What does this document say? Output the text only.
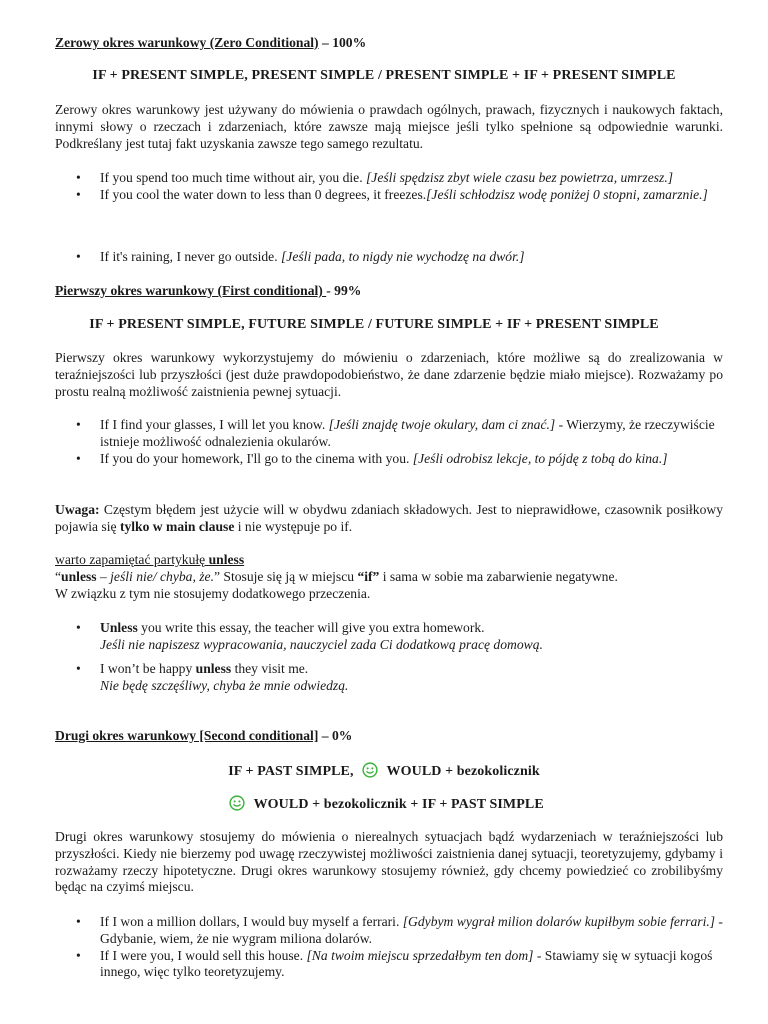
Zerowy okres warunkowy (Zero Conditional) – 100%
IF + PRESENT SIMPLE, PRESENT SIMPLE / PRESENT SIMPLE + IF + PRESENT SIMPLE
Zerowy okres warunkowy jest używany do mówienia o prawdach ogólnych, prawach, fizycznych i naukowych faktach, innymi słowy o rzeczach i zdarzeniach, które zawsze mają miejsce jeśli tylko spełnione są odpowiednie warunki. Podkreślany jest tutaj fakt uzyskania zawsze tego samego rezultatu.
• If you spend too much time without air, you die. [Jeśli spędzisz zbyt wiele czasu bez powietrza, umrzesz.]
• If you cool the water down to less than 0 degrees, it freezes.[Jeśli schłodzisz wodę poniżej 0 stopni, zamarznie.]
• If it's raining, I never go outside. [Jeśli pada, to nigdy nie wychodzę na dwór.]
Pierwszy okres warunkowy (First conditional) - 99%
IF + PRESENT SIMPLE, FUTURE SIMPLE / FUTURE SIMPLE + IF + PRESENT SIMPLE
Pierwszy okres warunkowy wykorzystujemy do mówieniu o zdarzeniach, które możliwe są do zrealizowania w teraźniejszości lub przyszłości (jest duże prawdopodobieństwo, że dane zdarzenie będzie miało miejsce). Rozważamy po prostu realną możliwość zaistnienia pewnej sytuacji.
• If I find your glasses, I will let you know. [Jeśli znajdę twoje okulary, dam ci znać.] - Wierzymy, że rzeczywiście istnieje możliwość odnalezienia okularów.
• If you do your homework, I'll go to the cinema with you. [Jeśli odrobisz lekcje, to pójdę z tobą do kina.]
Uwaga: Częstym błędem jest użycie will w obydwu zdaniach składowych. Jest to nieprawidłowe, czasownik posiłkowy pojawia się tylko w main clause i nie występuje po if.
warto zapamiętać partykułę unless
“unless – jeśli nie/ chyba, że.” Stosuje się ją w miejscu “if” i sama w sobie ma zabarwienie negatywne.
W związku z tym nie stosujemy dodatkowego przeczenia.
• Unless you write this essay, the teacher will give you extra homework.
Jeśli nie napiszesz wypracowania, nauczyciel zada Ci dodatkową pracę domową.
• I won’t be happy unless they visit me.
Nie będę szczęśliwy, chyba że mnie odwiedzą.
Drugi okres warunkowy [Second conditional] – 0%
IF + PAST SIMPLE, WOULD + bezokolicznik
WOULD + bezokolicznik + IF + PAST SIMPLE
Drugi okres warunkowy stosujemy do mówienia o nierealnych sytuacjach bądź wydarzeniach w teraźniejszości lub przyszłości. Kiedy nie bierzemy pod uwagę rzeczywistej możliwości zaistnienia danej sytuacji, teoretyzujemy, gdybamy i rozważamy rzeczy hipotetyczne. Drugi okres warunkowy stosujemy również, gdy chcemy powiedzieć co zrobilibyśmy będąc na czyimś miejscu.
• If I won a million dollars, I would buy myself a ferrari. [Gdybym wygrał milion dolarów kupiłbym sobie ferrari.] - Gdybanie, wiem, że nie wygram miliona dolarów.
• If I were you, I would sell this house. [Na twoim miejscu sprzedałbym ten dom] - Stawiamy się w sytuacji kogoś innego, więc tylko teoretyzujemy.
